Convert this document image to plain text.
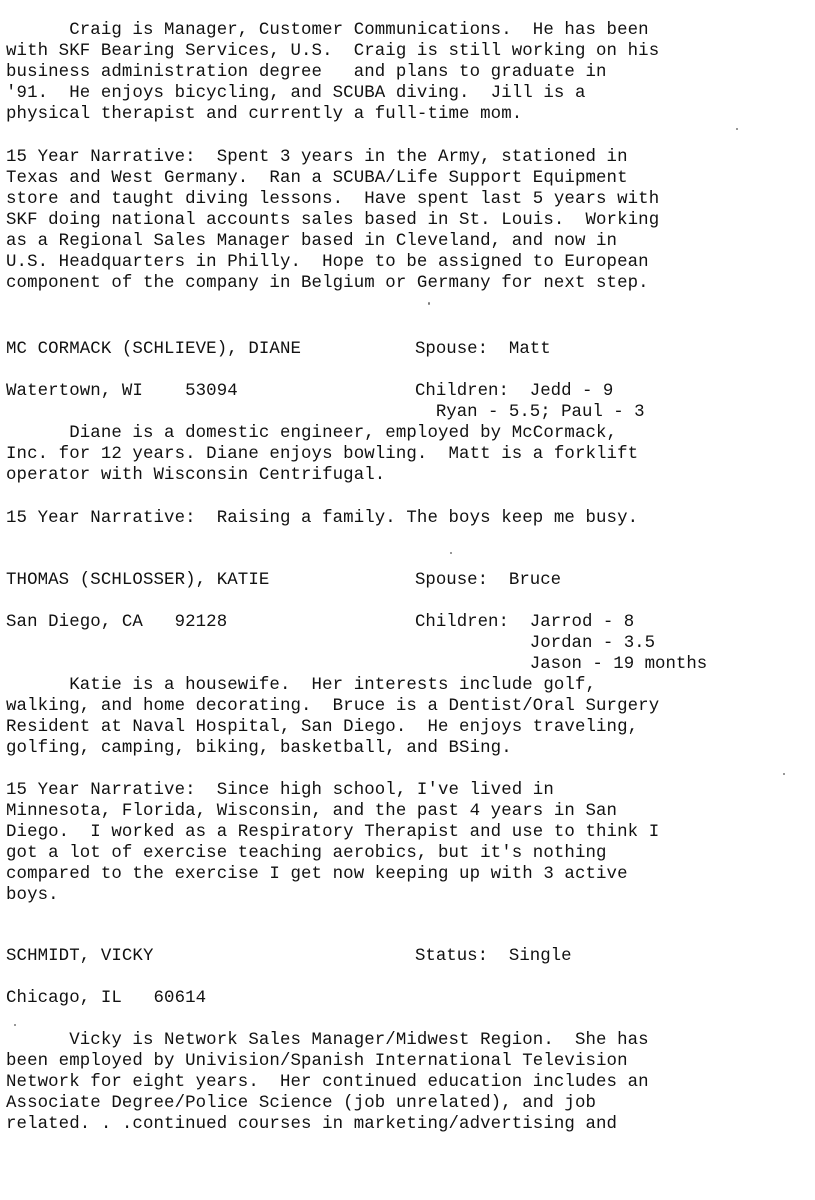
Craig is Manager, Customer Communications.  He has been
with SKF Bearing Services, U.S.  Craig is still working on his
business administration degree   and plans to graduate in
'91.  He enjoys bicycling, and SCUBA diving.  Jill is a
physical therapist and currently a full-time mom.
15 Year Narrative:  Spent 3 years in the Army, stationed in
Texas and West Germany.  Ran a SCUBA/Life Support Equipment
store and taught diving lessons.  Have spent last 5 years with
SKF doing national accounts sales based in St. Louis.  Working
as a Regional Sales Manager based in Cleveland, and now in
U.S. Headquarters in Philly.  Hope to be assigned to European
component of the company in Belgium or Germany for next step.
MC CORMACK (SCHLIEVE), DIANE	Spouse:  Matt
Watertown, WI    53094	Children:  Jedd - 9
Ryan - 5.5; Paul - 3
Diane is a domestic engineer, employed by McCormack,
Inc. for 12 years. Diane enjoys bowling.  Matt is a forklift
operator with Wisconsin Centrifugal.
15 Year Narrative:  Raising a family. The boys keep me busy.
THOMAS (SCHLOSSER), KATIE	Spouse:  Bruce
San Diego, CA   92128	Children:  Jarrod - 8
Jordan - 3.5
Jason - 19 months
Katie is a housewife.  Her interests include golf,
walking, and home decorating.  Bruce is a Dentist/Oral Surgery
Resident at Naval Hospital, San Diego.  He enjoys traveling,
golfing, camping, biking, basketball, and BSing.
15 Year Narrative:  Since high school, I've lived in
Minnesota, Florida, Wisconsin, and the past 4 years in San
Diego.  I worked as a Respiratory Therapist and use to think I
got a lot of exercise teaching aerobics, but it's nothing
compared to the exercise I get now keeping up with 3 active
boys.
SCHMIDT, VICKY	Status:  Single
Chicago, IL   60614
Vicky is Network Sales Manager/Midwest Region.  She has
been employed by Univision/Spanish International Television
Network for eight years.  Her continued education includes an
Associate Degree/Police Science (job unrelated), and job
related. . .continued courses in marketing/advertising and
